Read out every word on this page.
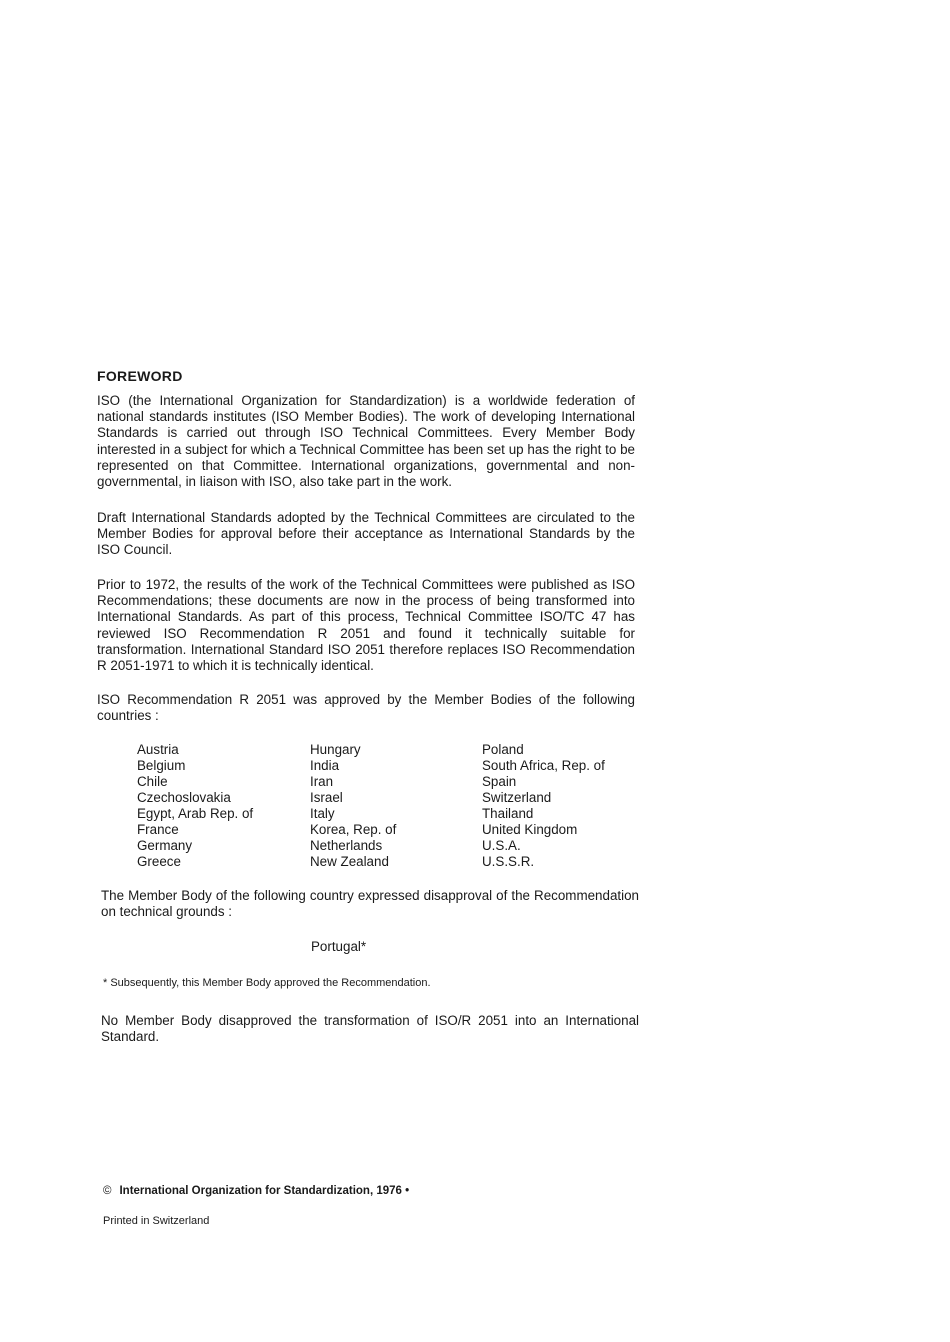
FOREWORD
ISO (the International Organization for Standardization) is a worldwide federation of national standards institutes (ISO Member Bodies). The work of developing International Standards is carried out through ISO Technical Committees. Every Member Body interested in a subject for which a Technical Committee has been set up has the right to be represented on that Committee. International organizations, governmental and non-governmental, in liaison with ISO, also take part in the work.
Draft International Standards adopted by the Technical Committees are circulated to the Member Bodies for approval before their acceptance as International Standards by the ISO Council.
Prior to 1972, the results of the work of the Technical Committees were published as ISO Recommendations; these documents are now in the process of being transformed into International Standards. As part of this process, Technical Committee ISO/TC 47 has reviewed ISO Recommendation R 2051 and found it technically suitable for transformation. International Standard ISO 2051 therefore replaces ISO Recommendation R 2051-1971 to which it is technically identical.
ISO Recommendation R 2051 was approved by the Member Bodies of the following countries :
Austria
Belgium
Chile
Czechoslovakia
Egypt, Arab Rep. of
France
Germany
Greece
Hungary
India
Iran
Israel
Italy
Korea, Rep. of
Netherlands
New Zealand
Poland
South Africa, Rep. of
Spain
Switzerland
Thailand
United Kingdom
U.S.A.
U.S.S.R.
The Member Body of the following country expressed disapproval of the Recommendation on technical grounds :
Portugal*
* Subsequently, this Member Body approved the Recommendation.
No Member Body disapproved the transformation of ISO/R 2051 into an International Standard.
© International Organization for Standardization, 1976 •
Printed in Switzerland
